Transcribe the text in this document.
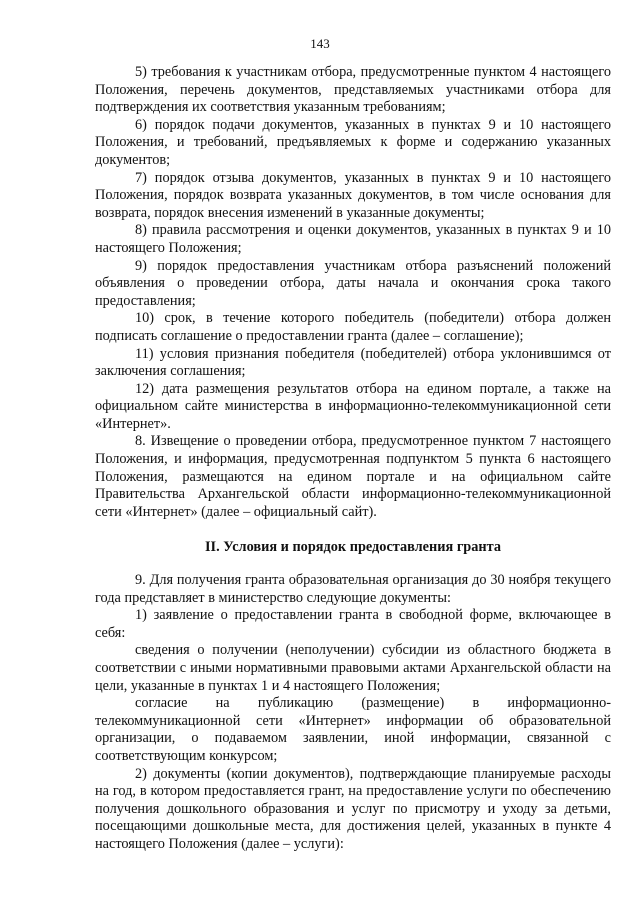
143

5) требования к участникам отбора, предусмотренные пунктом 4 настоящего Положения, перечень документов, представляемых участниками отбора для подтверждения их соответствия указанным требованиям;

6) порядок подачи документов, указанных в пунктах 9 и 10 настоящего Положения, и требований, предъявляемых к форме и содержанию указанных документов;

7) порядок отзыва документов, указанных в пунктах 9 и 10 настоящего Положения, порядок возврата указанных документов, в том числе основания для возврата, порядок внесения изменений в указанные документы;

8) правила рассмотрения и оценки документов, указанных в пунктах 9 и 10 настоящего Положения;

9) порядок предоставления участникам отбора разъяснений положений объявления о проведении отбора, даты начала и окончания срока такого предоставления;

10) срок, в течение которого победитель (победители) отбора должен подписать соглашение о предоставлении гранта (далее – соглашение);

11) условия признания победителя (победителей) отбора уклонившимся от заключения соглашения;

12) дата размещения результатов отбора на едином портале, а также на официальном сайте министерства в информационно-телекоммуникационной сети «Интернет».

8. Извещение о проведении отбора, предусмотренное пунктом 7 настоящего Положения, и информация, предусмотренная подпунктом 5 пункта 6 настоящего Положения, размещаются на едином портале и на официальном сайте Правительства Архангельской области информационно-телекоммуникационной сети «Интернет» (далее – официальный сайт).

II. Условия и порядок предоставления гранта

9. Для получения гранта образовательная организация до 30 ноября текущего года представляет в министерство следующие документы:

1) заявление о предоставлении гранта в свободной форме, включающее в себя:

сведения о получении (неполучении) субсидии из областного бюджета в соответствии с иными нормативными правовыми актами Архангельской области на цели, указанные в пунктах 1 и 4 настоящего Положения;

согласие на публикацию (размещение) в информационно-телекоммуникационной сети «Интернет» информации об образовательной организации, о подаваемом заявлении, иной информации, связанной с соответствующим конкурсом;

2) документы (копии документов), подтверждающие планируемые расходы на год, в котором предоставляется грант, на предоставление услуги по обеспечению получения дошкольного образования и услуг по присмотру и уходу за детьми, посещающими дошкольные места, для достижения целей, указанных в пункте 4 настоящего Положения (далее – услуги):
